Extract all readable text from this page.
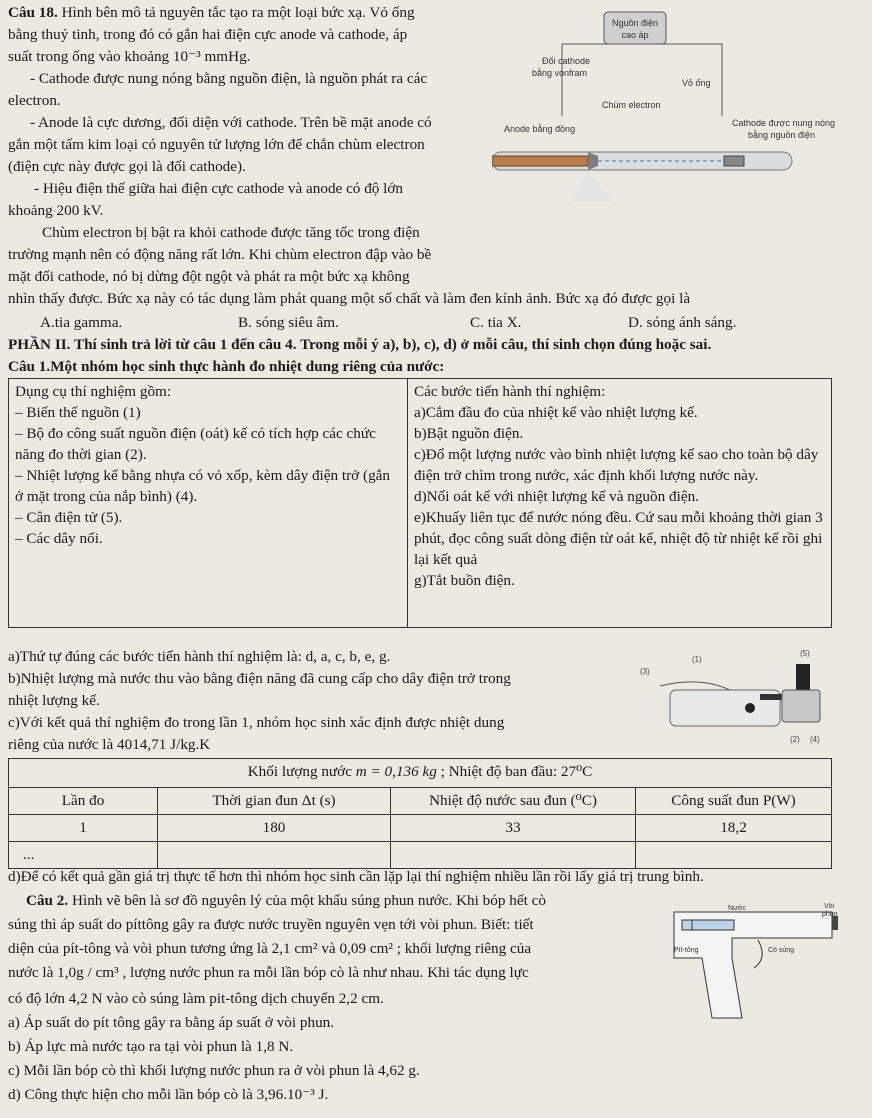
Câu 18. Hình bên mô tả nguyên tắc tạo ra một loại bức xạ. Vỏ ống
bằng thuỷ tinh, trong đó có gắn hai điện cực anode và cathode, áp
suất trong ống vào khoảng 10⁻³ mmHg.
- Cathode được nung nóng bằng nguồn điện, là nguồn phát ra các
electron.
- Anode là cực dương, đối diện với cathode. Trên bề mặt anode có
gắn một tấm kim loại có nguyên tử lượng lớn để chắn chùm electron
(điện cực này được gọi là đối cathode).
- Hiệu điện thế giữa hai điện cực cathode và anode có độ lớn
khoảng 200 kV.
Chùm electron bị bật ra khỏi cathode được tăng tốc trong điện
trường mạnh nên có động năng rất lớn. Khi chùm electron đập vào bề
mặt đối cathode, nó bị dừng đột ngột và phát ra một bức xạ không
nhìn thấy được. Bức xạ này có tác dụng làm phát quang một số chất và làm đen kính ảnh. Bức xạ đó được gọi là
A.tia gamma.	B. sóng siêu âm.	C. tia X.	D. sóng ánh sáng.
Nguồn điện
cao áp
Đối cathode
bằng vonfram
Vỏ ống
Chùm electron
Anode bằng đồng
Cathode được nung nóng
bằng nguồn điện
PHẦN II. Thí sinh trả lời từ câu 1 đến câu 4. Trong mỗi ý a), b), c), d) ở mỗi câu, thí sinh chọn đúng hoặc sai.
Câu 1.Một nhóm học sinh thực hành đo nhiệt dung riêng của nước:
Dụng cụ thí nghiệm gồm:
– Biến thế nguồn (1)
– Bộ đo công suất nguồn điện (oát) kế có tích hợp các chức năng đo thời gian (2).
– Nhiệt lượng kế bằng nhựa có vỏ xốp, kèm dây điện trở (gắn ở mặt trong của nắp bình) (4).
– Cân điện tử (5).
– Các dây nối.

Các bước tiến hành thí nghiệm:
a)Cắm đầu đo của nhiệt kế vào nhiệt lượng kế.
b)Bật nguồn điện.
c)Đổ một lượng nước vào bình nhiệt lượng kế sao cho toàn bộ dây điện trở chìm trong nước, xác định khối lượng nước này.
d)Nối oát kế với nhiệt lượng kế và nguồn điện.
e)Khuấy liên tục để nước nóng đều. Cứ sau mỗi khoảng thời gian 3 phút, đọc công suất dòng điện từ oát kế, nhiệt độ từ nhiệt kế rồi ghi lại kết quả
g)Tắt buồn điện.
a)Thứ tự đúng các bước tiến hành thí nghiệm là: d, a, c, b, e, g.
b)Nhiệt lượng mà nước thu vào bằng điện năng đã cung cấp cho dây điện trở trong
nhiệt lượng kế.
c)Với kết quả thí nghiệm đo trong lần 1, nhóm học sinh xác định được nhiệt dung
riêng của nước là 4014,71 J/kg.K
(1)
(2)
(3)
(4)
(5)
Khối lượng nước m = 0,136 kg ; Nhiệt độ ban đầu: 27⁰C			
Lần đo	Thời gian đun Δt (s)	Nhiệt độ nước sau đun (⁰C)	Công suất đun P(W)
1	180	33	18,2
...			
d)Để có kết quả gần giá trị thực tế hơn thì nhóm học sinh cần lặp lại thí nghiệm nhiều lần rồi lấy giá trị trung bình.
Câu 2. Hình vẽ bên là sơ đồ nguyên lý của một khẩu súng phun nước. Khi bóp hết cò
súng thì áp suất do píttông gây ra được nước truyền nguyên vẹn tới vòi phun. Biết: tiết
diện của pít-tông và vòi phun tương ứng là 2,1 cm² và 0,09 cm² ; khối lượng riêng của
nước là 1,0g / cm³ , lượng nước phun ra mỗi lần bóp cò là như nhau. Khi tác dụng lực
có độ lớn 4,2 N vào cò súng làm pit-tông dịch chuyển 2,2 cm.
a) Áp suất do pít tông gây ra bằng áp suất ở vòi phun.
b) Áp lực mà nước tạo ra tại vòi phun là 1,8 N.
c) Mỗi lần bóp cò thì khối lượng nước phun ra ở vòi phun là 4,62 g.
d) Công thực hiện cho mỗi lần bóp cò là 3,96.10⁻³ J.
Nước	Vòi
phun
Pít-tông	Cò súng
